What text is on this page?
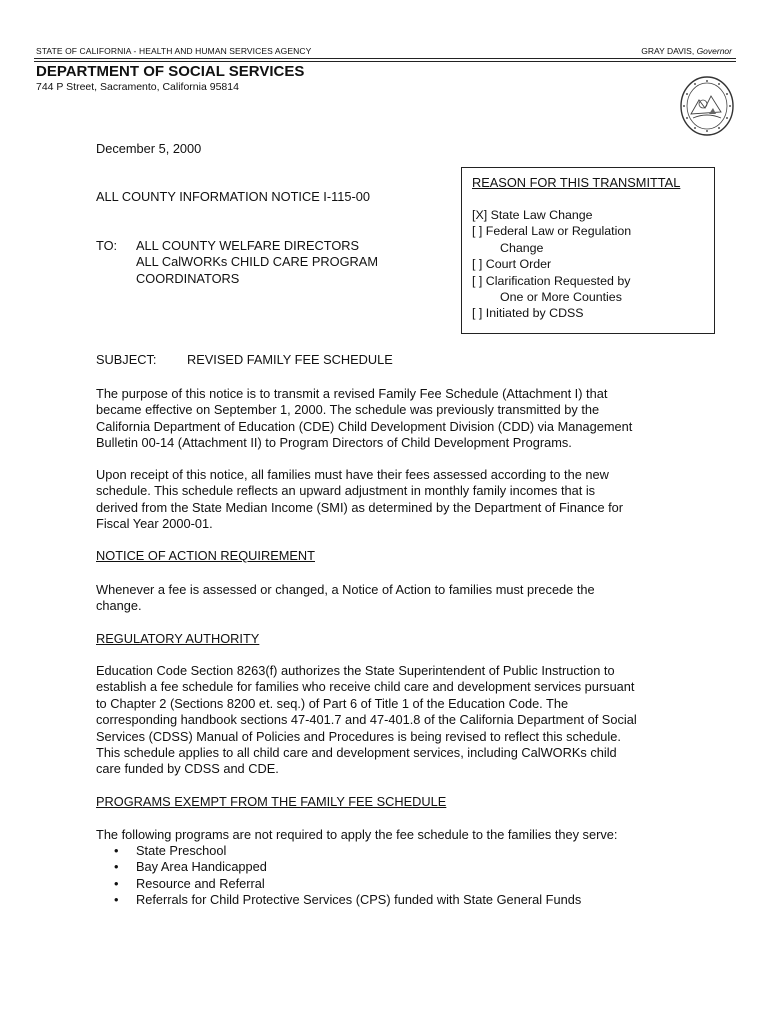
STATE OF CALIFORNIA - HEALTH AND HUMAN SERVICES AGENCY	GRAY DAVIS, Governor
DEPARTMENT OF SOCIAL SERVICES
744 P Street, Sacramento, California 95814
December 5, 2000
ALL COUNTY INFORMATION NOTICE I-115-00
TO: ALL COUNTY WELFARE DIRECTORS
ALL CalWORKs CHILD CARE PROGRAM
COORDINATORS
REASON FOR THIS TRANSMITTAL
[X] State Law Change
[ ] Federal Law or Regulation
Change
[ ] Court Order
[ ] Clarification Requested by
One or More Counties
[ ] Initiated by CDSS
SUBJECT: REVISED FAMILY FEE SCHEDULE
The purpose of this notice is to transmit a revised Family Fee Schedule (Attachment I) that
became effective on September 1, 2000. The schedule was previously transmitted by the
California Department of Education (CDE) Child Development Division (CDD) via Management
Bulletin 00-14 (Attachment II) to Program Directors of Child Development Programs.
Upon receipt of this notice, all families must have their fees assessed according to the new
schedule. This schedule reflects an upward adjustment in monthly family incomes that is
derived from the State Median Income (SMI) as determined by the Department of Finance for
Fiscal Year 2000-01.
NOTICE OF ACTION REQUIREMENT
Whenever a fee is assessed or changed, a Notice of Action to families must precede the
change.
REGULATORY AUTHORITY
Education Code Section 8263(f) authorizes the State Superintendent of Public Instruction to
establish a fee schedule for families who receive child care and development services pursuant
to Chapter 2 (Sections 8200 et. seq.) of Part 6 of Title 1 of the Education Code. The
corresponding handbook sections 47-401.7 and 47-401.8 of the California Department of Social
Services (CDSS) Manual of Policies and Procedures is being revised to reflect this schedule.
This schedule applies to all child care and development services, including CalWORKs child
care funded by CDSS and CDE.
PROGRAMS EXEMPT FROM THE FAMILY FEE SCHEDULE
The following programs are not required to apply the fee schedule to the families they serve:
• State Preschool
• Bay Area Handicapped
• Resource and Referral
• Referrals for Child Protective Services (CPS) funded with State General Funds
